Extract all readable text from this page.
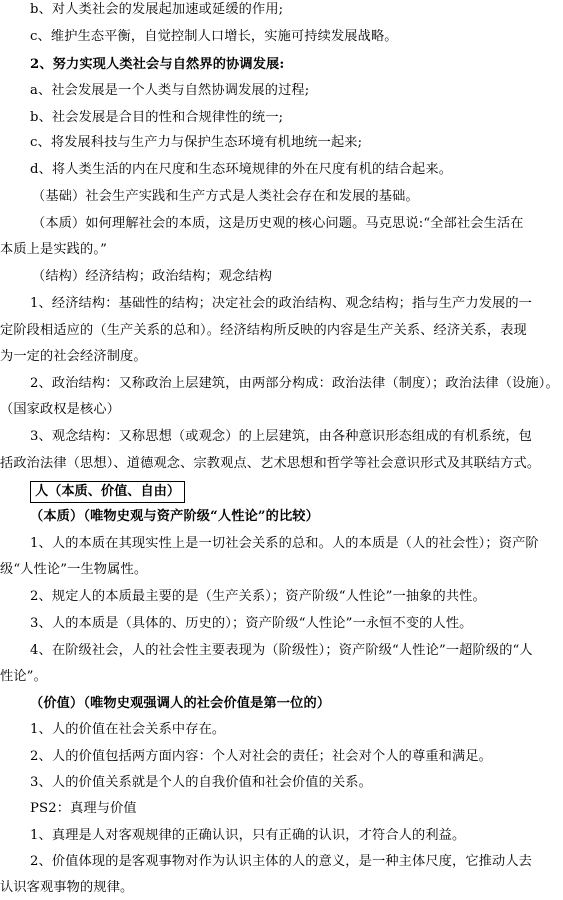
b、对人类社会的发展起加速或延缓的作用;
c、维护生态平衡，自觉控制人口增长，实施可持续发展战略。
2、努力实现人类社会与自然界的协调发展:
a、社会发展是一个人类与自然协调发展的过程;
b、社会发展是合目的性和合规律性的统一;
c、将发展科技与生产力与保护生态环境有机地统一起来;
d、将人类生活的内在尺度和生态环境规律的外在尺度有机的结合起来。
（基础）社会生产实践和生产方式是人类社会存在和发展的基础。
（本质）如何理解社会的本质，这是历史观的核心问题。马克思说:“全部社会生活在
本质上是实践的。”
（结构）经济结构；政治结构；观念结构
1、经济结构：基础性的结构；决定社会的政治结构、观念结构；指与生产力发展的一
定阶段相适应的（生产关系的总和）。经济结构所反映的内容是生产关系、经济关系，表现
为一定的社会经济制度。
2、政治结构：又称政治上层建筑，由两部分构成：政治法律（制度）；政治法律（设施）。
（国家政权是核心）
3、观念结构：又称思想（或观念）的上层建筑，由各种意识形态组成的有机系统，包
括政治法律（思想）、道德观念、宗教观点、艺术思想和哲学等社会意识形式及其联结方式。
人（本质、价值、自由）
（本质）（唯物史观与资产阶级“人性论”的比较）
1、人的本质在其现实性上是一切社会关系的总和。人的本质是（人的社会性）；资产阶
级“人性论”一生物属性。
2、规定人的本质最主要的是（生产关系）；资产阶级“人性论”一抽象的共性。
3、人的本质是（具体的、历史的）；资产阶级“人性论”一永恒不变的人性。
4、在阶级社会，人的社会性主要表现为（阶级性）；资产阶级“人性论”一超阶级的“人
性论”。
（价值）（唯物史观强调人的社会价值是第一位的）
1、人的价值在社会关系中存在。
2、人的价值包括两方面内容：个人对社会的责任；社会对个人的尊重和满足。
3、人的价值关系就是个人的自我价值和社会价值的关系。
PS2：真理与价值
1、真理是人对客观规律的正确认识，只有正确的认识，才符合人的利益。
2、价值体现的是客观事物对作为认识主体的人的意义，是一种主体尺度，它推动人去
认识客观事物的规律。
